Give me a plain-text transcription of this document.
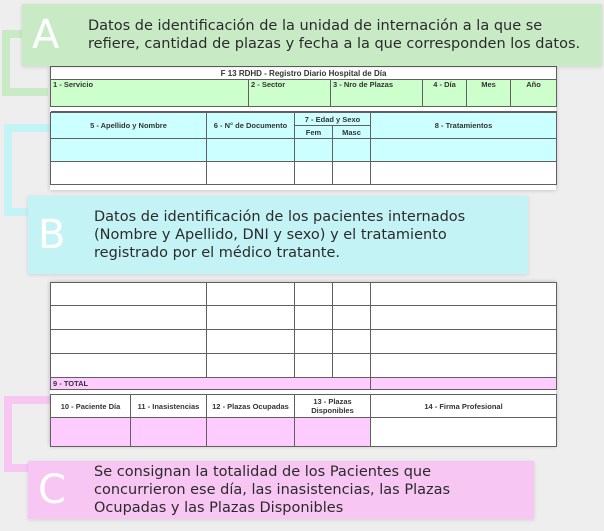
F 13 RDHD - Registro Diario Hospital de Día
1 - Servicio	2 - Sector	3 - Nro de Plazas	4 - Día	Mes	Año

5 - Apellido y Nombre	6 - N° de Documento	7 - Edad y Sexo		8 - Tratamientos
		Fem	Masc	

9 - TOTAL				
10 - Paciente Día	11 - Inasistencias	12 - Plazas Ocupadas	13 - Plazas Disponibles	14 - Firma Profesional

A Datos de identificación de la unidad de internación a la que se refiere, cantidad de plazas y fecha a la que corresponden los datos.
B Datos de identificación de los pacientes internados (Nombre y Apellido, DNI y sexo) y el tratamiento registrado por el médico tratante.
C Se consignan la totalidad de los Pacientes que concurrieron ese día, las inasistencias, las Plazas Ocupadas y las Plazas Disponibles
